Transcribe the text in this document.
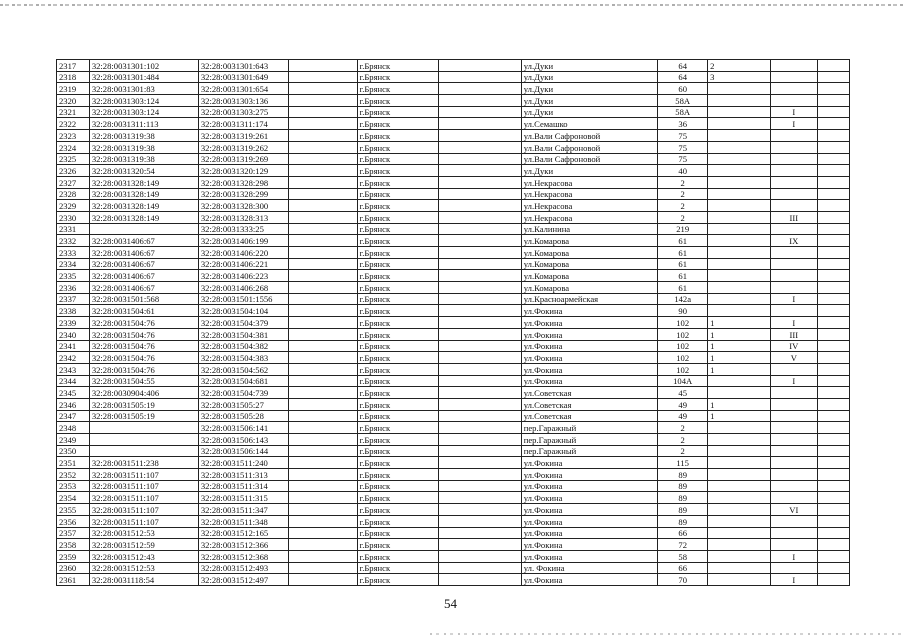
2317	32:28:0031301:102	32:28:0031301:643		г.Брянск		ул.Дуки	64	2		
2318	32:28:0031301:484	32:28:0031301:649		г.Брянск		ул.Дуки	64	3		
2319	32:28:0031301:83	32:28:0031301:654		г.Брянск		ул.Дуки	60			
2320	32:28:0031303:124	32:28:0031303:136		г.Брянск		ул.Дуки	58А			
2321	32:28:0031303:124	32:28:0031303:275		г.Брянск		ул.Дуки	58А		I	
2322	32:28:0031311:113	32:28:0031311:174		г.Брянск		ул.Семашко	36		I	
2323	32:28:0031319:38	32:28:0031319:261		г.Брянск		ул.Вали Сафроновой	75			
2324	32:28:0031319:38	32:28:0031319:262		г.Брянск		ул.Вали Сафроновой	75			
2325	32:28:0031319:38	32:28:0031319:269		г.Брянск		ул.Вали Сафроновой	75			
2326	32:28:0031320:54	32:28:0031320:129		г.Брянск		ул.Дуки	40			
2327	32:28:0031328:149	32:28:0031328:298		г.Брянск		ул.Некрасова	2			
2328	32:28:0031328:149	32:28:0031328:299		г.Брянск		ул.Некрасова	2			
2329	32:28:0031328:149	32:28:0031328:300		г.Брянск		ул.Некрасова	2			
2330	32:28:0031328:149	32:28:0031328:313		г.Брянск		ул.Некрасова	2		III	
2331		32:28:0031333:25		г.Брянск		ул.Калинина	219			
2332	32:28:0031406:67	32:28:0031406:199		г.Брянск		ул.Комарова	61		IX	
2333	32:28:0031406:67	32:28:0031406:220		г.Брянск		ул.Комарова	61			
2334	32:28:0031406:67	32:28:0031406:221		г.Брянск		ул.Комарова	61			
2335	32:28:0031406:67	32:28:0031406:223		г.Брянск		ул.Комарова	61			
2336	32:28:0031406:67	32:28:0031406:268		г.Брянск		ул.Комарова	61			
2337	32:28:0031501:568	32:28:0031501:1556		г.Брянск		ул.Красноармейская	142а		I	
2338	32:28:0031504:61	32:28:0031504:104		г.Брянск		ул.Фокина	90			
2339	32:28:0031504:76	32:28:0031504:379		г.Брянск		ул.Фокина	102	1	I	
2340	32:28:0031504:76	32:28:0031504:381		г.Брянск		ул.Фокина	102	1	III	
2341	32:28:0031504:76	32:28:0031504:382		г.Брянск		ул.Фокина	102	1	IV	
2342	32:28:0031504:76	32:28:0031504:383		г.Брянск		ул.Фокина	102	1	V	
2343	32:28:0031504:76	32:28:0031504:562		г.Брянск		ул.Фокина	102	1		
2344	32:28:0031504:55	32:28:0031504:681		г.Брянск		ул.Фокина	104А		I	
2345	32:28:0030904:406	32:28:0031504:739		г.Брянск		ул.Советская	45			
2346	32:28:0031505:19	32:28:0031505:27		г.Брянск		ул.Советская	49	1		
2347	32:28:0031505:19	32:28:0031505:28		г.Брянск		ул.Советская	49	1		
2348		32:28:0031506:141		г.Брянск		пер.Гаражный	2			
2349		32:28:0031506:143		г.Брянск		пер.Гаражный	2			
2350		32:28:0031506:144		г.Брянск		пер.Гаражный	2			
2351	32:28:0031511:238	32:28:0031511:240		г.Брянск		ул.Фокина	115			
2352	32:28:0031511:107	32:28:0031511:313		г.Брянск		ул.Фокина	89			
2353	32:28:0031511:107	32:28:0031511:314		г.Брянск		ул.Фокина	89			
2354	32:28:0031511:107	32:28:0031511:315		г.Брянск		ул.Фокина	89			
2355	32:28:0031511:107	32:28:0031511:347		г.Брянск		ул.Фокина	89		VI	
2356	32:28:0031511:107	32:28:0031511:348		г.Брянск		ул.Фокина	89			
2357	32:28:0031512:53	32:28:0031512:165		г.Брянск		ул.Фокина	66			
2358	32:28:0031512:59	32:28:0031512:366		г.Брянск		ул.Фокина	72			
2359	32:28:0031512:43	32:28:0031512:368		г.Брянск		ул.Фокина	58		I	
2360	32:28:0031512:53	32:28:0031512:493		г.Брянск		ул. Фокина	66			
2361	32:28:0031118:54	32:28:0031512:497		г.Брянск		ул.Фокина	70		I	
54
